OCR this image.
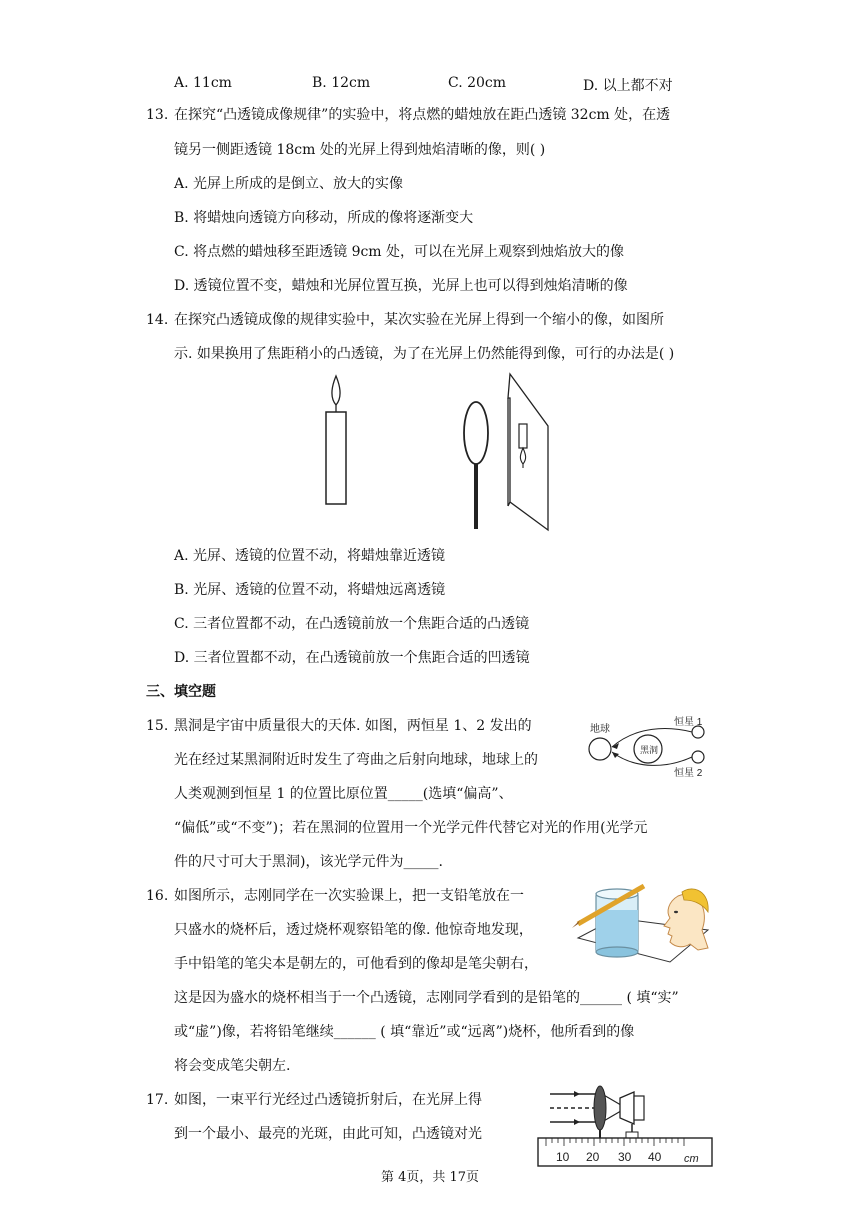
A. 11cm	B. 12cm	C. 20cm	D. 以上都不对
13. 在探究“凸透镜成像规律”的实验中，将点燃的蜡烛放在距凸透镜 32cm 处，在透
镜另一侧距透镜 18cm 处的光屏上得到烛焰清晰的像，则( )
A. 光屏上所成的是倒立、放大的实像
B. 将蜡烛向透镜方向移动，所成的像将逐渐变大
C. 将点燃的蜡烛移至距透镜 9cm 处，可以在光屏上观察到烛焰放大的像
D. 透镜位置不变，蜡烛和光屏位置互换，光屏上也可以得到烛焰清晰的像
14. 在探究凸透镜成像的规律实验中，某次实验在光屏上得到一个缩小的像，如图所
示. 如果换用了焦距稍小的凸透镜，为了在光屏上仍然能得到像，可行的办法是( )
A. 光屏、透镜的位置不动，将蜡烛靠近透镜
B. 光屏、透镜的位置不动，将蜡烛远离透镜
C. 三者位置都不动，在凸透镜前放一个焦距合适的凸透镜
D. 三者位置都不动，在凸透镜前放一个焦距合适的凹透镜
三、填空题
15. 黑洞是宇宙中质量很大的天体. 如图，两恒星 1、2 发出的
光在经过某黑洞附近时发生了弯曲之后射向地球，地球上的
人类观测到恒星 1 的位置比原位置_____(选填“偏高”、
“偏低”或“不变”)；若在黑洞的位置用一个光学元件代替它对光的作用(光学元
件的尺寸可大于黑洞)，该光学元件为_____.
地球
黑洞
恒星 1
恒星 2
16. 如图所示，志刚同学在一次实验课上，把一支铅笔放在一
只盛水的烧杯后，透过烧杯观察铅笔的像. 他惊奇地发现，
手中铅笔的笔尖本是朝左的，可他看到的像却是笔尖朝右，
这是因为盛水的烧杯相当于一个凸透镜，志刚同学看到的是铅笔的______ ( 填“实”
或“虚”)像，若将铅笔继续______ ( 填“靠近”或“远离”)烧杯，他所看到的像
将会变成笔尖朝左.
17. 如图，一束平行光经过凸透镜折射后，在光屏上得
到一个最小、最亮的光斑，由此可知，凸透镜对光
10 20 30 40 cm
第 4页，共 17页
